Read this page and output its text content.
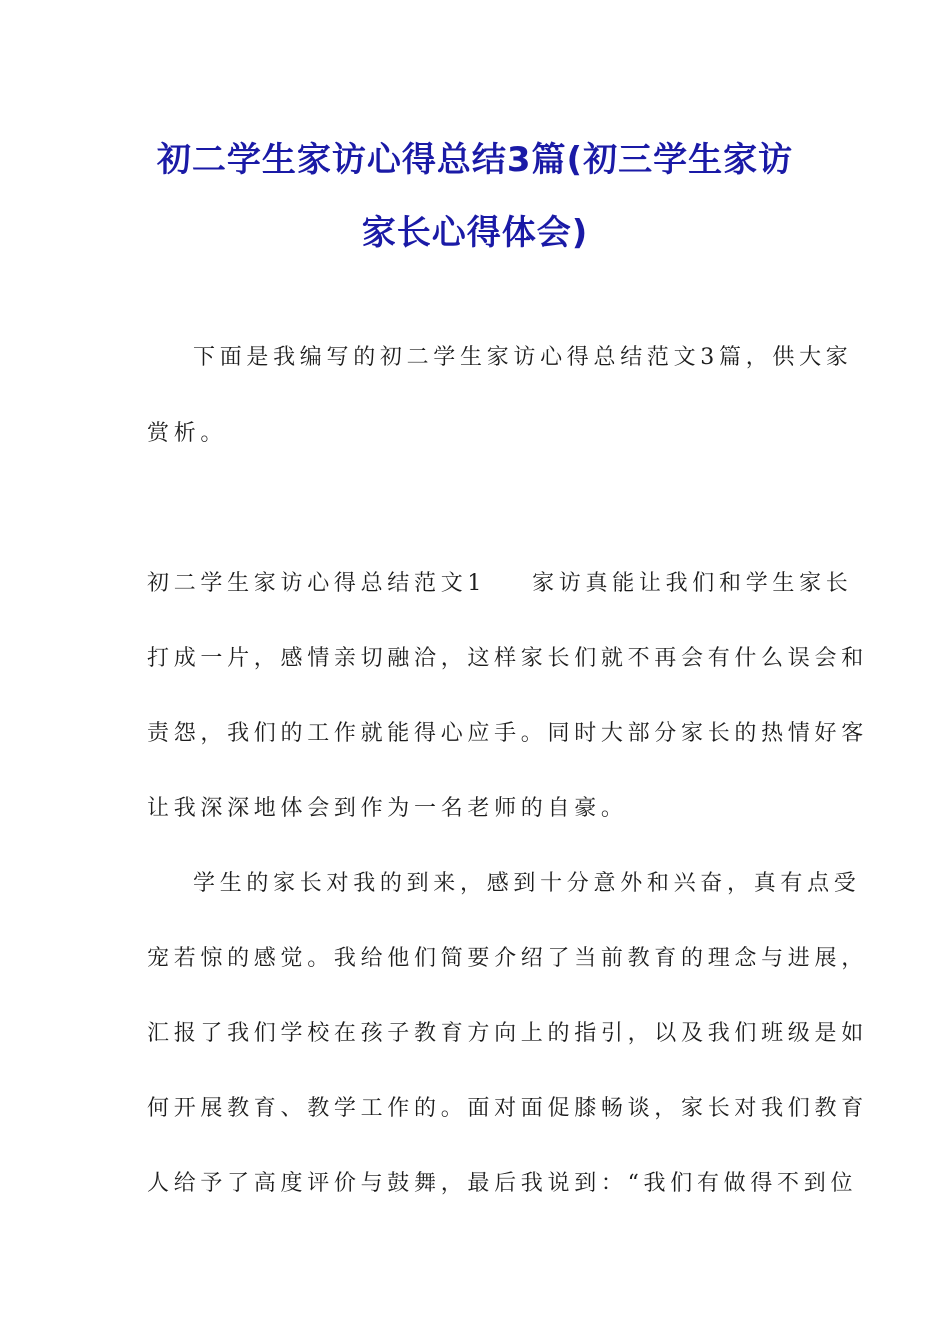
初二学生家访心得总结3篇(初三学生家访
家长心得体会)

下面是我编写的初二学生家访心得总结范文3篇，供大家

赏析。

初二学生家访心得总结范文1 家访真能让我们和学生家长

打成一片，感情亲切融洽，这样家长们就不再会有什么误会和

责怨，我们的工作就能得心应手。同时大部分家长的热情好客

让我深深地体会到作为一名老师的自豪。

学生的家长对我的到来，感到十分意外和兴奋，真有点受

宠若惊的感觉。我给他们简要介绍了当前教育的理念与进展，

汇报了我们学校在孩子教育方向上的指引，以及我们班级是如

何开展教育、教学工作的。面对面促膝畅谈，家长对我们教育

人给予了高度评价与鼓舞，最后我说到：“我们有做得不到位
